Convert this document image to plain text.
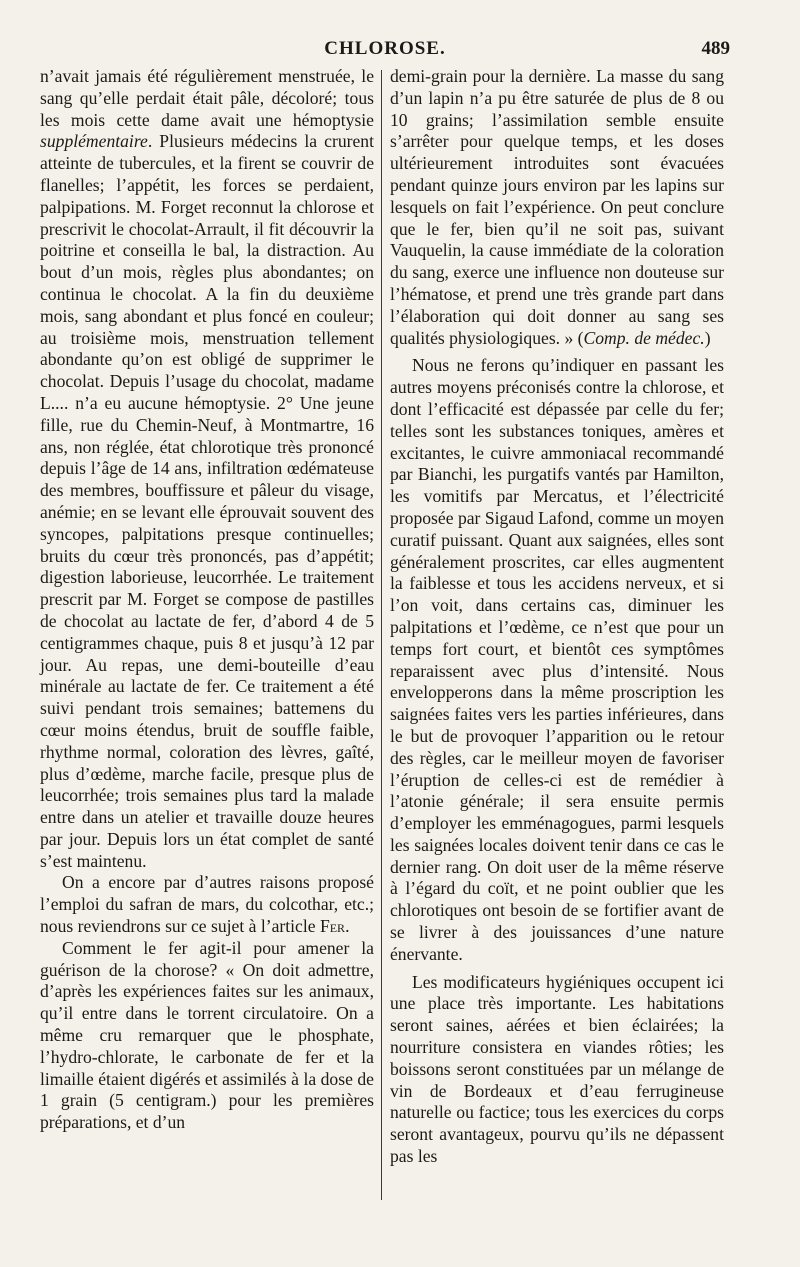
CHLOROSE.	489

n’avait jamais été régulièrement menstruée, le sang qu’elle perdait était pâle, décoloré; tous les mois cette dame avait une hémoptysie supplémentaire. Plusieurs médecins la crurent atteinte de tubercules, et la firent se couvrir de flanelles; l’appétit, les forces se perdaient, palpipations. M. Forget reconnut la chlorose et prescrivit le chocolat-Arrault, il fit découvrir la poitrine et conseilla le bal, la distraction. Au bout d’un mois, règles plus abondantes; on continua le chocolat. A la fin du deuxième mois, sang abondant et plus foncé en couleur; au troisième mois, menstruation tellement abondante qu’on est obligé de supprimer le chocolat. Depuis l’usage du chocolat, madame L.... n’a eu aucune hémoptysie. 2° Une jeune fille, rue du Chemin-Neuf, à Montmartre, 16 ans, non réglée, état chlorotique très prononcé depuis l’âge de 14 ans, infiltration œdémateuse des membres, bouffissure et pâleur du visage, anémie; en se levant elle éprouvait souvent des syncopes, palpitations presque continuelles; bruits du cœur très prononcés, pas d’appétit; digestion laborieuse, leucorrhée. Le traitement prescrit par M. Forget se compose de pastilles de chocolat au lactate de fer, d’abord 4 de 5 centigrammes chaque, puis 8 et jusqu’à 12 par jour. Au repas, une demi-bouteille d’eau minérale au lactate de fer. Ce traitement a été suivi pendant trois semaines; battemens du cœur moins étendus, bruit de souffle faible, rhythme normal, coloration des lèvres, gaîté, plus d’œdème, marche facile, presque plus de leucorrhée; trois semaines plus tard la malade entre dans un atelier et travaille douze heures par jour. Depuis lors un état complet de santé s’est maintenu.

On a encore par d’autres raisons proposé l’emploi du safran de mars, du colcothar, etc.; nous reviendrons sur ce sujet à l’article Fer.

Comment le fer agit-il pour amener la guérison de la chorose? « On doit admettre, d’après les expériences faites sur les animaux, qu’il entre dans le torrent circulatoire. On a même cru remarquer que le phosphate, l’hydro-chlorate, le carbonate de fer et la limaille étaient digérés et assimilés à la dose de 1 grain (5 centigram.) pour les premières préparations, et d’un

demi-grain pour la dernière. La masse du sang d’un lapin n’a pu être saturée de plus de 8 ou 10 grains; l’assimilation semble ensuite s’arrêter pour quelque temps, et les doses ultérieurement introduites sont évacuées pendant quinze jours environ par les lapins sur lesquels on fait l’expérience. On peut conclure que le fer, bien qu’il ne soit pas, suivant Vauquelin, la cause immédiate de la coloration du sang, exerce une influence non douteuse sur l’hématose, et prend une très grande part dans l’élaboration qui doit donner au sang ses qualités physiologiques. » (Comp. de médec.)

Nous ne ferons qu’indiquer en passant les autres moyens préconisés contre la chlorose, et dont l’efficacité est dépassée par celle du fer; telles sont les substances toniques, amères et excitantes, le cuivre ammoniacal recommandé par Bianchi, les purgatifs vantés par Hamilton, les vomitifs par Mercatus, et l’électricité proposée par Sigaud Lafond, comme un moyen curatif puissant. Quant aux saignées, elles sont généralement proscrites, car elles augmentent la faiblesse et tous les accidens nerveux, et si l’on voit, dans certains cas, diminuer les palpitations et l’œdème, ce n’est que pour un temps fort court, et bientôt ces symptômes reparaissent avec plus d’intensité. Nous envelopperons dans la même proscription les saignées faites vers les parties inférieures, dans le but de provoquer l’apparition ou le retour des règles, car le meilleur moyen de favoriser l’éruption de celles-ci est de remédier à l’atonie générale; il sera ensuite permis d’employer les emménagogues, parmi lesquels les saignées locales doivent tenir dans ce cas le dernier rang. On doit user de la même réserve à l’égard du coït, et ne point oublier que les chlorotiques ont besoin de se fortifier avant de se livrer à des jouissances d’une nature énervante.

Les modificateurs hygiéniques occupent ici une place très importante. Les habitations seront saines, aérées et bien éclairées; la nourriture consistera en viandes rôties; les boissons seront constituées par un mélange de vin de Bordeaux et d’eau ferrugineuse naturelle ou factice; tous les exercices du corps seront avantageux, pourvu qu’ils ne dépassent pas les
